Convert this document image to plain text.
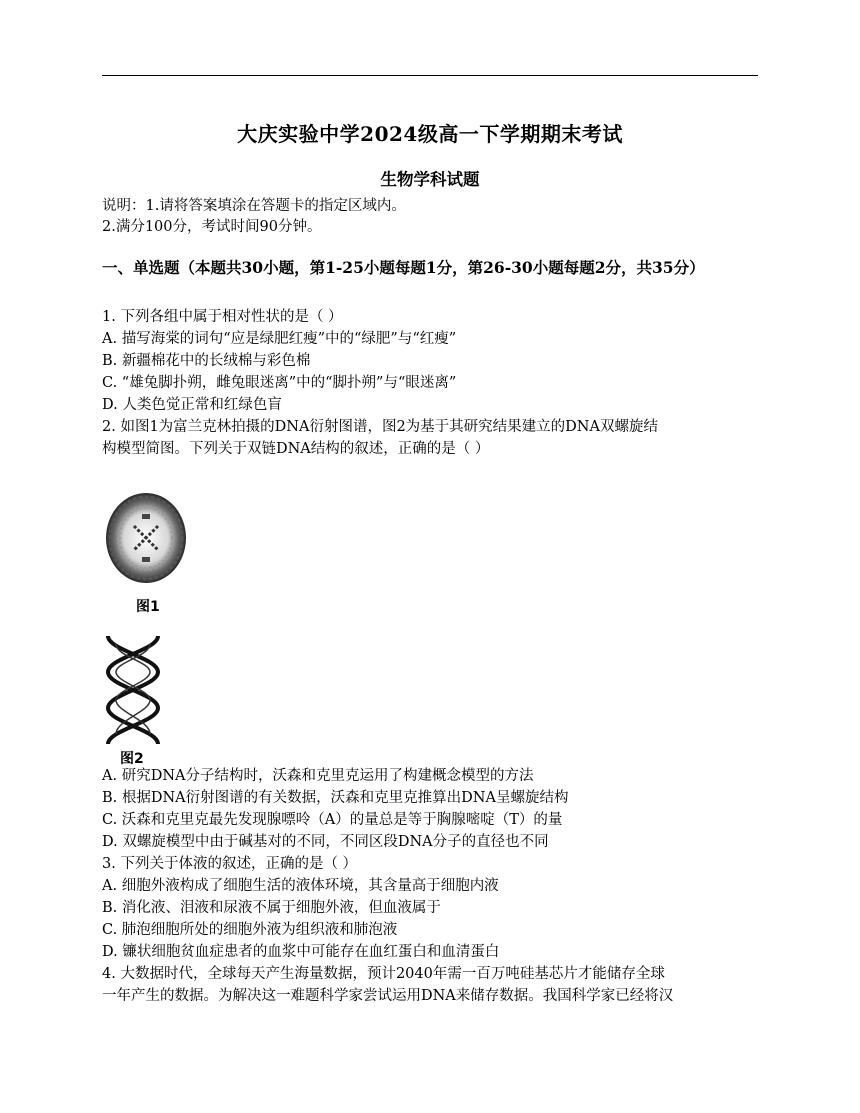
大庆实验中学2024级高一下学期期末考试
生物学科试题
说明：1.请将答案填涂在答题卡的指定区域内。
2.满分100分，考试时间90分钟。
一、单选题（本题共30小题，第1-25小题每题1分，第26-30小题每题2分，共35分）
1. 下列各组中属于相对性状的是（ ）
A. 描写海棠的词句“应是绿肥红瘦”中的“绿肥”与“红瘦”
B. 新疆棉花中的长绒棉与彩色棉
C. “雄兔脚扑朔，雌兔眼迷离”中的“脚扑朔”与“眼迷离”
D. 人类色觉正常和红绿色盲
2. 如图1为富兰克林拍摄的DNA衍射图谱，图2为基于其研究结果建立的DNA双螺旋结
构模型简图。下列关于双链DNA结构的叙述，正确的是（ ）
图1
图2
A. 研究DNA分子结构时，沃森和克里克运用了构建概念模型的方法
B. 根据DNA衍射图谱的有关数据，沃森和克里克推算出DNA呈螺旋结构
C. 沃森和克里克最先发现腺嘌呤（A）的量总是等于胸腺嘧啶（T）的量
D. 双螺旋模型中由于碱基对的不同，不同区段DNA分子的直径也不同
3. 下列关于体液的叙述，正确的是（ ）
A. 细胞外液构成了细胞生活的液体环境，其含量高于细胞内液
B. 消化液、泪液和尿液不属于细胞外液，但血液属于
C. 肺泡细胞所处的细胞外液为组织液和肺泡液
D. 镰状细胞贫血症患者的血浆中可能存在血红蛋白和血清蛋白
4. 大数据时代，全球每天产生海量数据，预计2040年需一百万吨硅基芯片才能储存全球
一年产生的数据。为解决这一难题科学家尝试运用DNA来储存数据。我国科学家已经将汉
